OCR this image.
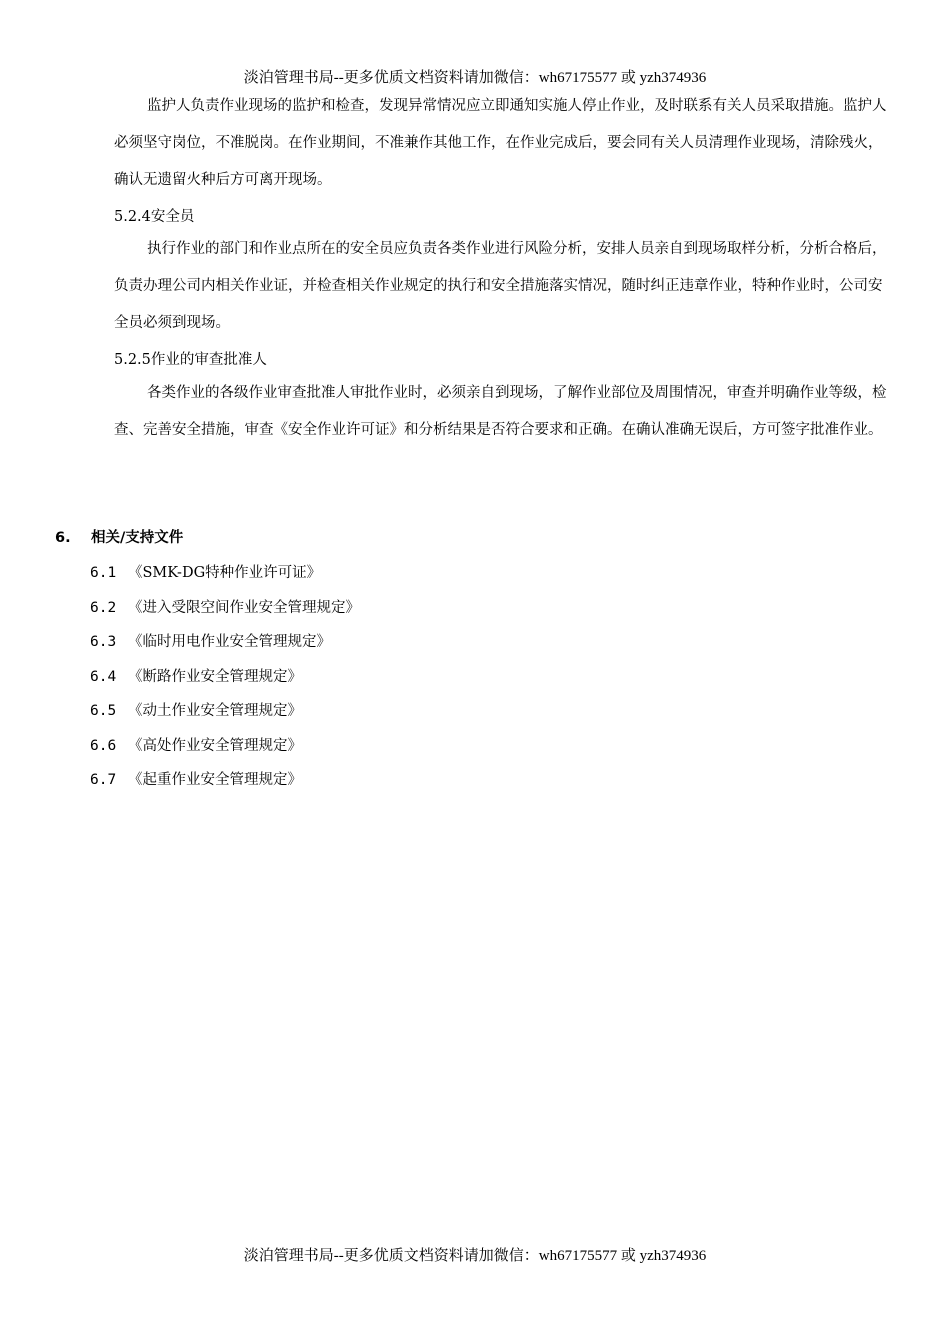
淡泊管理书局--更多优质文档资料请加微信：wh67175577 或 yzh374936
监护人负责作业现场的监护和检查，发现异常情况应立即通知实施人停止作业，及时联系有关人员采取措施。监护人必须坚守岗位，不准脱岗。在作业期间，不准兼作其他工作，在作业完成后，要会同有关人员清理作业现场，清除残火，确认无遗留火种后方可离开现场。
5.2.4安全员
执行作业的部门和作业点所在的安全员应负责各类作业进行风险分析，安排人员亲自到现场取样分析，分析合格后，负责办理公司内相关作业证，并检查相关作业规定的执行和安全措施落实情况，随时纠正违章作业，特种作业时，公司安全员必须到现场。
5.2.5作业的审查批准人
各类作业的各级作业审查批准人审批作业时，必须亲自到现场，了解作业部位及周围情况，审查并明确作业等级，检查、完善安全措施，审查《安全作业许可证》和分析结果是否符合要求和正确。在确认准确无误后，方可签字批准作业。
6. 相关/支持文件
6.1 《SMK-DG特种作业许可证》
6.2 《进入受限空间作业安全管理规定》
6.3 《临时用电作业安全管理规定》
6.4 《断路作业安全管理规定》
6.5 《动土作业安全管理规定》
6.6 《高处作业安全管理规定》
6.7 《起重作业安全管理规定》
淡泊管理书局--更多优质文档资料请加微信：wh67175577 或 yzh374936
